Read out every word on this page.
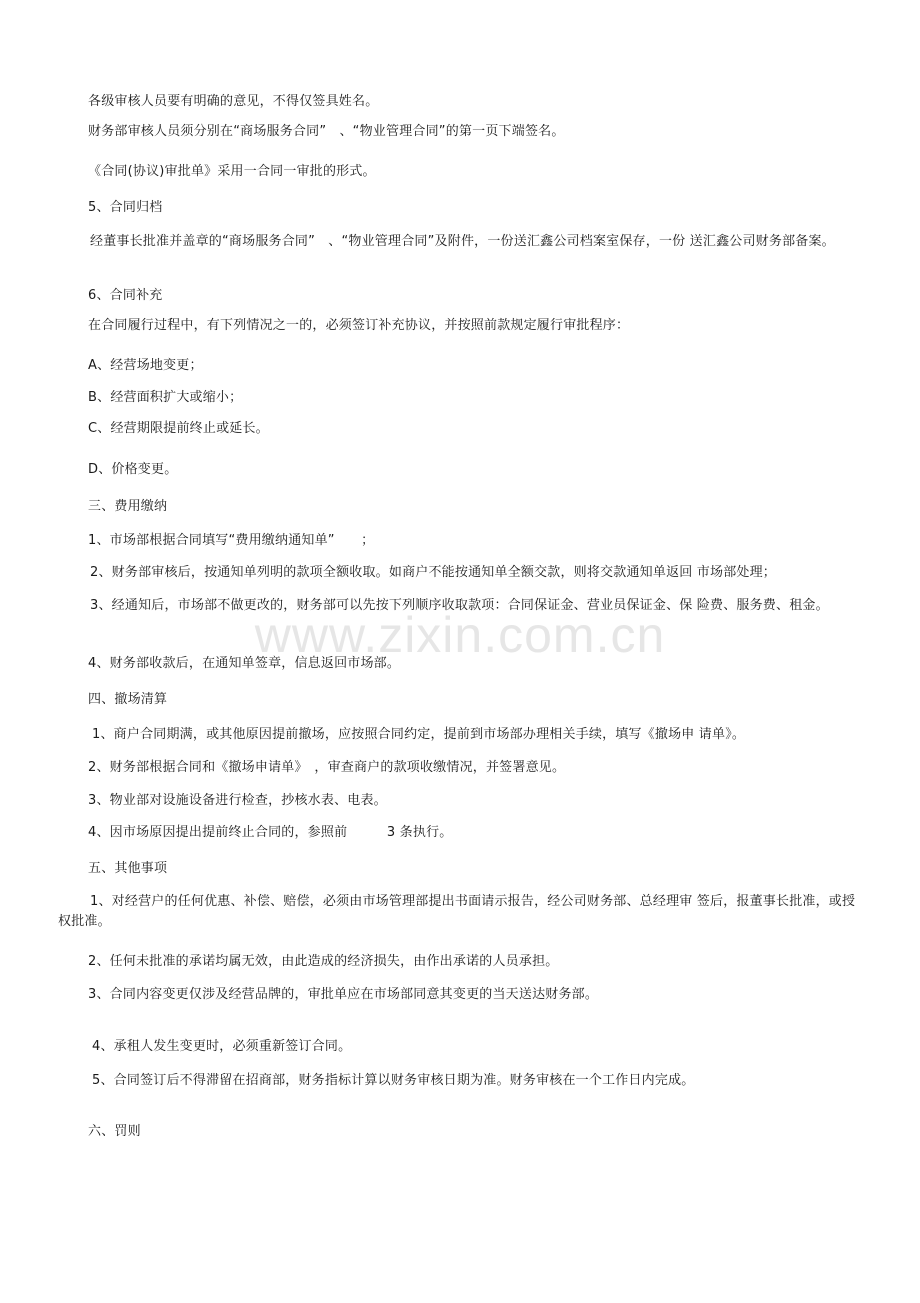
www.zixin.com.cn
各级审核人员要有明确的意见，不得仅签具姓名。
财务部审核人员须分别在“商场服务合同”　、“物业管理合同”的第一页下端签名。
《合同(协议)审批单》采用一合同一审批的形式。
5、合同归档
经董事长批准并盖章的“商场服务合同”　、“物业管理合同”及附件，一份送汇鑫公司档案室保存，一份 送汇鑫公司财务部备案。
6、合同补充
在合同履行过程中，有下列情况之一的，必须签订补充协议，并按照前款规定履行审批程序：
A、经营场地变更；
B、经营面积扩大或缩小；
C、经营期限提前终止或延长。
D、价格变更。
三、费用缴纳
1、市场部根据合同填写“费用缴纳通知单”　　；
2、财务部审核后，按通知单列明的款项全额收取。如商户不能按通知单全额交款，则将交款通知单返回 市场部处理；
3、经通知后，市场部不做更改的，财务部可以先按下列顺序收取款项：合同保证金、营业员保证金、保 险费、服务费、租金。
4、财务部收款后，在通知单签章，信息返回市场部。
四、撤场清算
1、商户合同期满，或其他原因提前撤场，应按照合同约定，提前到市场部办理相关手续，填写《撤场申 请单》。
2、财务部根据合同和《撤场申请单》　，审查商户的款项收缴情况，并签署意见。
3、物业部对设施设备进行检查，抄核水表、电表。
4、因市场原因提出提前终止合同的，参照前　　　3 条执行。
五、其他事项
1、对经营户的任何优惠、补偿、赔偿，必须由市场管理部提出书面请示报告，经公司财务部、总经理审 签后，报董事长批准，或授权批准。
2、任何未批准的承诺均属无效，由此造成的经济损失，由作出承诺的人员承担。
3、合同内容变更仅涉及经营品牌的，审批单应在市场部同意其变更的当天送达财务部。
4、承租人发生变更时，必须重新签订合同。
5、合同签订后不得滞留在招商部，财务指标计算以财务审核日期为准。财务审核在一个工作日内完成。
六、罚则
